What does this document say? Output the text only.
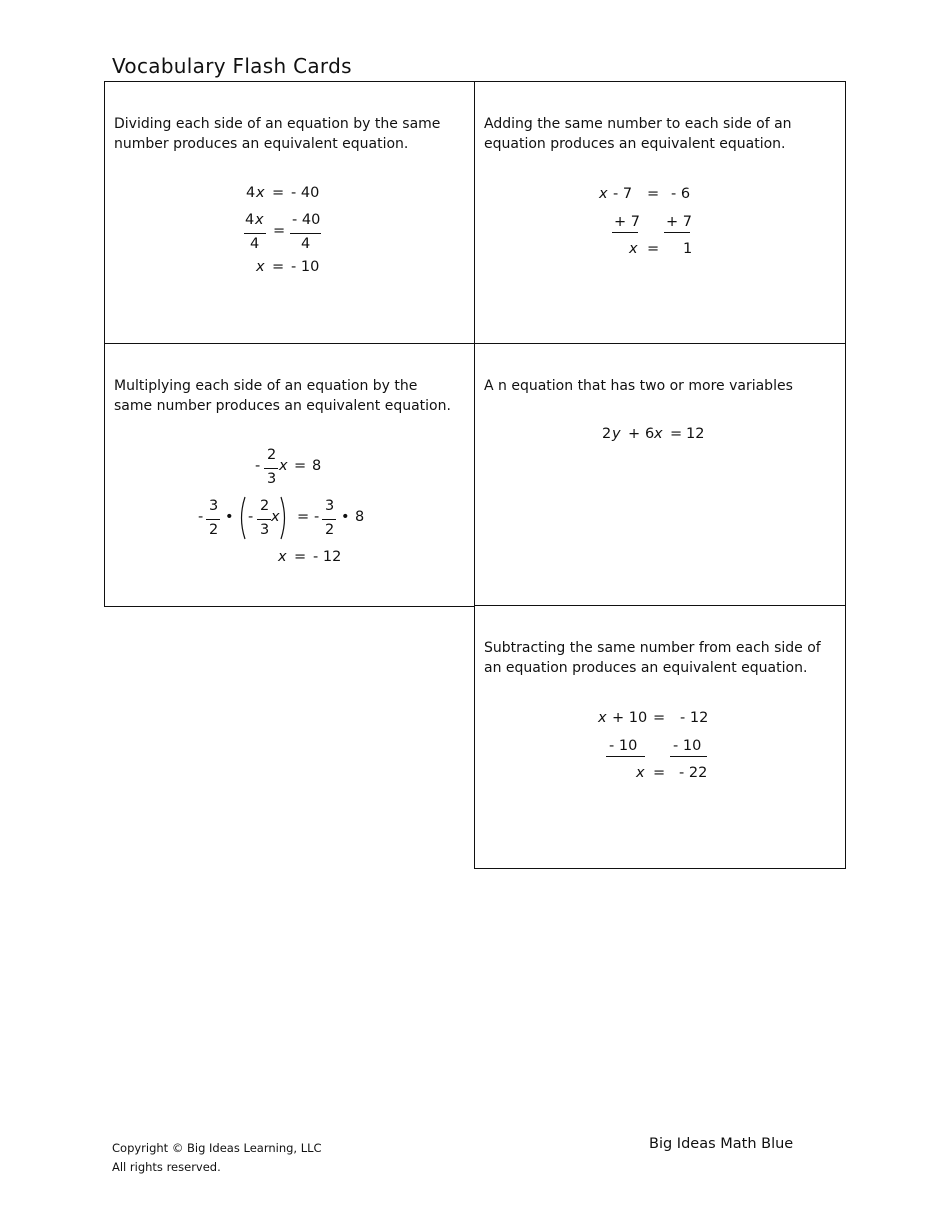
Vocabulary Flash Cards
Dividing each side of an equation by the same number produces an equivalent equation.
4 x = - 40
4 x
4
=
- 40
4
x = - 10
Adding the same number to each side of an equation produces an equivalent equation.
x - 7 = - 6
+ 7 + 7
x = 1
Multiplying each side of an equation by the same number produces an equivalent equation.
-
2
3
x = 8
-
3
2
• -
2
3
x = -
3
2
• 8
x = - 12
A n equation that has two or more variables
2 y + 6 x = 12
Subtracting the same number from each side of an equation produces an equivalent equation.
x + 10 = - 12
- 10 - 10
x = - 22
Copyright © Big Ideas Learning, LLC
All rights reserved.
Big Ideas Math Blue
